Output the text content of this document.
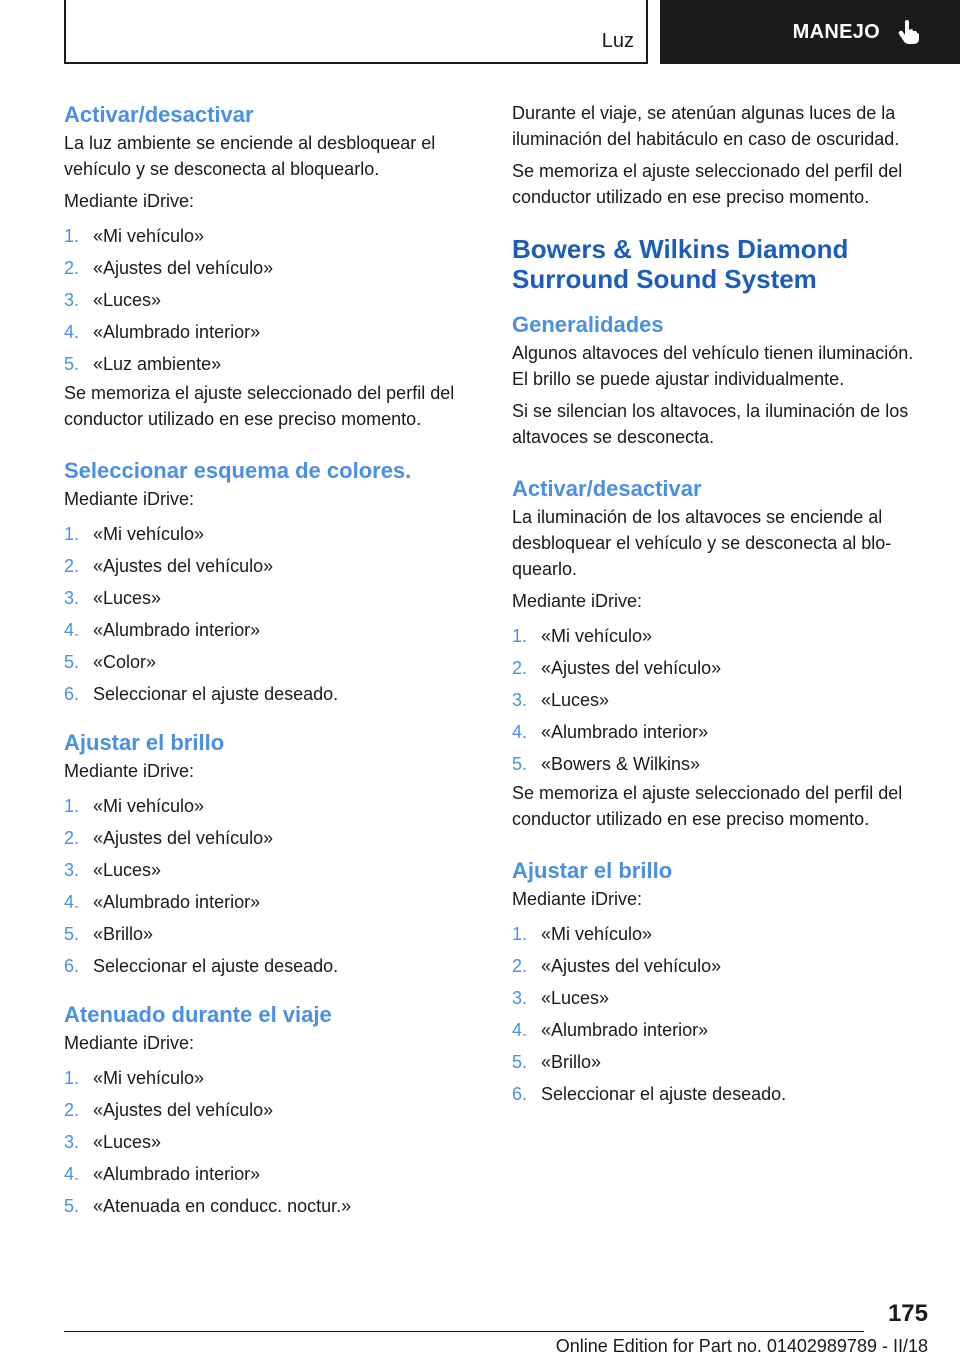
Luz	MANEJO
Activar/desactivar
La luz ambiente se enciende al desbloquear el vehículo y se desconecta al bloquearlo.
Mediante iDrive:
1. «Mi vehículo»
2. «Ajustes del vehículo»
3. «Luces»
4. «Alumbrado interior»
5. «Luz ambiente»
Se memoriza el ajuste seleccionado del perfil del conductor utilizado en ese preciso momento.
Seleccionar esquema de colores.
Mediante iDrive:
1. «Mi vehículo»
2. «Ajustes del vehículo»
3. «Luces»
4. «Alumbrado interior»
5. «Color»
6. Seleccionar el ajuste deseado.
Ajustar el brillo
Mediante iDrive:
1. «Mi vehículo»
2. «Ajustes del vehículo»
3. «Luces»
4. «Alumbrado interior»
5. «Brillo»
6. Seleccionar el ajuste deseado.
Atenuado durante el viaje
Mediante iDrive:
1. «Mi vehículo»
2. «Ajustes del vehículo»
3. «Luces»
4. «Alumbrado interior»
5. «Atenuada en conducc. noctur.»
Durante el viaje, se atenúan algunas luces de la iluminación del habitáculo en caso de oscuridad.
Se memoriza el ajuste seleccionado del perfil del conductor utilizado en ese preciso momento.
Bowers & Wilkins Diamond Surround Sound System
Generalidades
Algunos altavoces del vehículo tienen iluminación. El brillo se puede ajustar individualmente.
Si se silencian los altavoces, la iluminación de los altavoces se desconecta.
Activar/desactivar
La iluminación de los altavoces se enciende al desbloquear el vehículo y se desconecta al bloquearlo.
Mediante iDrive:
1. «Mi vehículo»
2. «Ajustes del vehículo»
3. «Luces»
4. «Alumbrado interior»
5. «Bowers & Wilkins»
Se memoriza el ajuste seleccionado del perfil del conductor utilizado en ese preciso momento.
Ajustar el brillo
Mediante iDrive:
1. «Mi vehículo»
2. «Ajustes del vehículo»
3. «Luces»
4. «Alumbrado interior»
5. «Brillo»
6. Seleccionar el ajuste deseado.
175
Online Edition for Part no. 01402989789 - II/18
